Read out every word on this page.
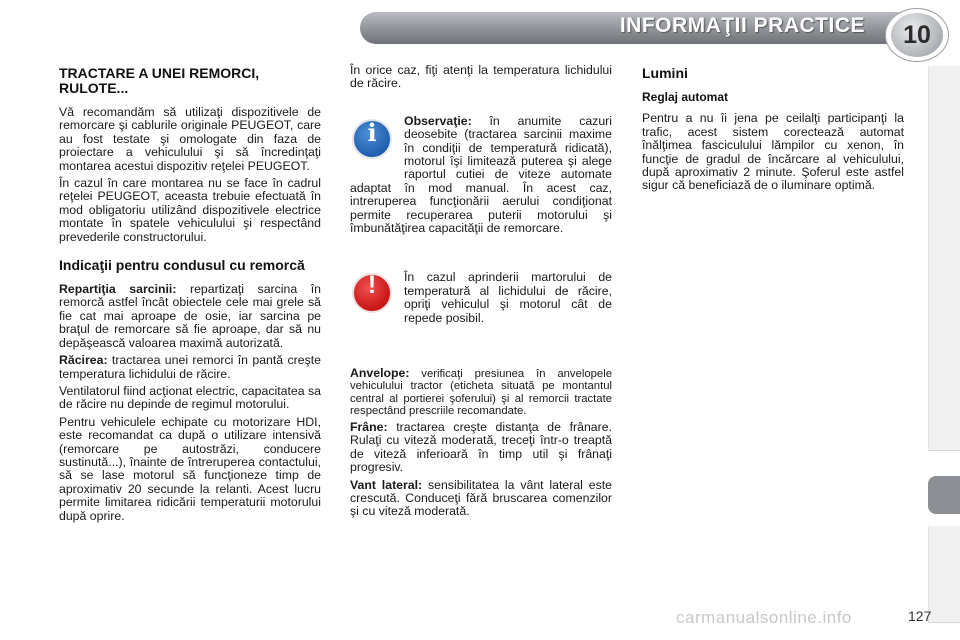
INFORMAŢII PRACTICE	10
TRACTARE A UNEI REMORCI, RULOTE...

Vă recomandăm să utilizaţi dispozitivele de remorcare şi cablurile originale PEUGEOT, care au fost testate şi omologate din faza de proiectare a vehiculului şi să încredinţaţi montarea acestui dispozitiv reţelei PEUGEOT.

În cazul în care montarea nu se face în cadrul reţelei PEUGEOT, aceasta trebuie efectuată în mod obligatoriu utilizând dispozitivele electrice montate în spatele vehiculului şi respectând prevederile constructorului.

Indicaţii pentru condusul cu remorcă

Repartiţia sarcinii: repartizaţi sarcina în remorcă astfel încât obiectele cele mai grele să fie cat mai aproape de osie, iar sarcina pe braţul de remorcare să fie aproape, dar să nu depăşească valoarea maximă autorizată.

Răcirea: tractarea unei remorci în pantă creşte temperatura lichidului de răcire.

Ventilatorul fiind acţionat electric, capacitatea sa de răcire nu depinde de regimul motorului.

Pentru vehiculele echipate cu motorizare HDI, este recomandat ca după o utilizare intensivă (remorcare pe autostrăzi, conducere sustinută...), înainte de întreruperea contactului, să se lase motorul să funcţioneze timp de aproximativ 20 secunde la relanti. Acest lucru permite limitarea ridicării temperaturii motorului după oprire.

În orice caz, fiţi atenţi la temperatura lichidului de răcire.

i	Observaţie: în anumite cazuri deosebite (tractarea sarcinii maxime în condiţii de temperatură ridicată), motorul îşi limitează puterea şi alege raportul cutiei de viteze automate adaptat în mod manual. În acest caz, intreruperea funcţionării aerului condiţionat permite recuperarea puterii motorului şi îmbunătăţirea capacităţii de remorcare.

!	În cazul aprinderii martorului de temperatură al lichidului de răcire, opriţi vehiculul şi motorul cât de repede posibil.

Anvelope: verificaţi presiunea în anvelopele vehiculului tractor (eticheta situată pe montantul central al portierei şoferului) şi al remorcii tractate respectând prescriile recomandate.

Frâne: tractarea creşte distanţa de frânare. Rulaţi cu viteză moderată, treceţi într-o treaptă de viteză inferioară în timp util şi frânaţi progresiv.

Vant lateral: sensibilitatea la vânt lateral este crescută. Conduceţi fără bruscarea comenzilor şi cu viteză moderată.

Lumini
Reglaj automat

Pentru a nu îi jena pe ceilalţi participanţi la trafic, acest sistem corectează automat înălţimea fasciculului lămpilor cu xenon, în funcţie de gradul de încărcare al vehiculului, după aproximativ 2 minute. Şoferul este astfel sigur că beneficiază de o iluminare optimă.

carmanualsonline.info	127
